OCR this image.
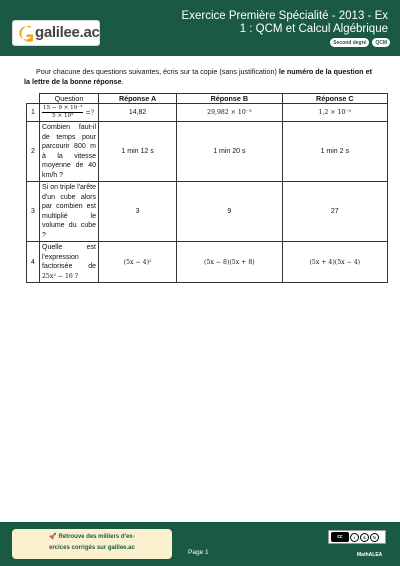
galilee.ac
Exercice Première Spécialité - 2013 - Ex
1 : QCM et Calcul Algébrique
Second degré	QCM

Pour chacune des questions suivantes, écris sur ta copie (sans justification) le numéro de la question et la lettre de la bonne réponse.

	Question	Réponse A	Réponse B	Réponse C
1	$\frac{\text{15 − 9 × 10⁻³}}{\text{5 × 10²}}$ =?	14,82	29,982 × 10⁻³	1,2 × 10⁻⁵
2	Combien faut-il de temps pour parcourir 800 m à la vitesse moyenne de 40 km/h ?	1 min 12 s	1 min 20 s	1 min 2 s
3	Si on triple l'arête d'un cube alors par combien est multiplié le volume du cube ?	3	9	27
4	Quelle est l'expression factorisée de 25x² − 16 ?	(5x − 4)²	(5x − 8)(5x + 8)	(5x + 4)(5x − 4)
🚀 Retrouve des milliers d'ex-
ercices corrigés sur galilee.ac
Page 1
cc	i	$	↻
MathALEA
